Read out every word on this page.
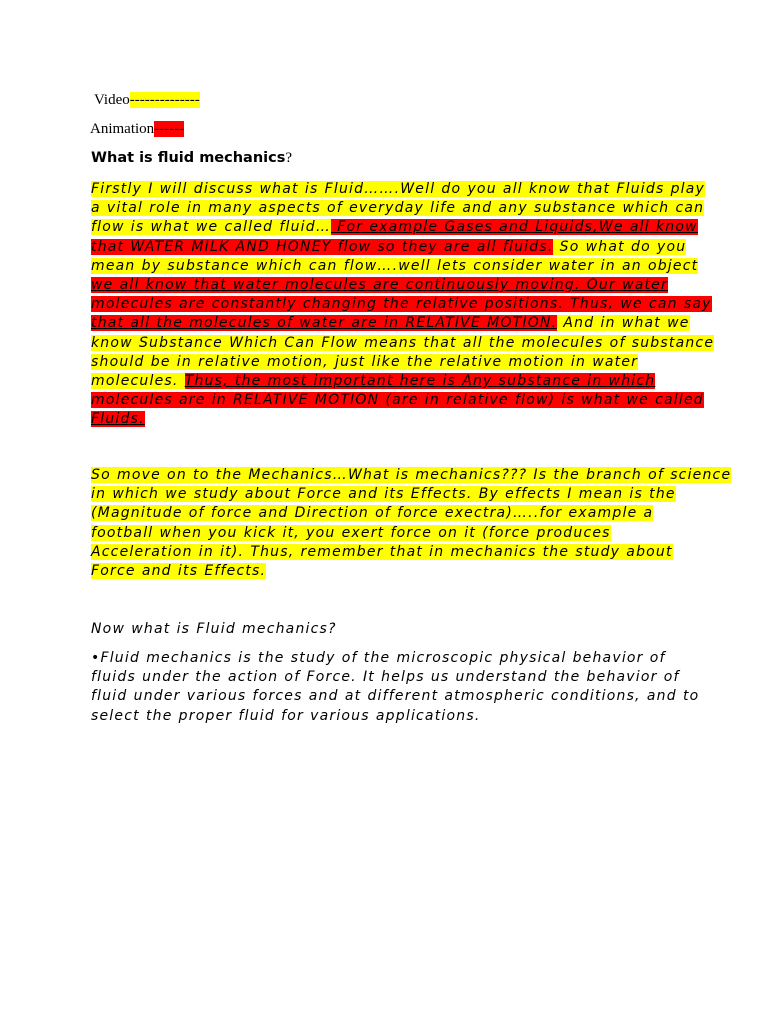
Video--------------
Animation------
What is fluid mechanics?
Firstly I will discuss what is Fluid…….Well do you all know that Fluids play
a vital role in many aspects of everyday life and any substance which can
flow is what we called fluid… For example Gases and Liquids,We all know
that WATER MILK AND HONEY flow so they are all fluids. So what do you
mean by substance which can flow….well lets consider water in an object
we all know that water molecules are continuously moving. Our water
molecules are constantly changing the relative positions. Thus, we can say
that all the molecules of water are in RELATIVE MOTION. And in what we
know Substance Which Can Flow means that all the molecules of substance
should be in relative motion, just like the relative motion in water
molecules. Thus, the most important here is Any substance in which
molecules are in RELATIVE MOTION (are in relative flow) is what we called
Fluids.
So move on to the Mechanics…What is mechanics??? Is the branch of science
in which we study about Force and its Effects. By effects I mean is the
(Magnitude of force and Direction of force exectra)…..for example a
football when you kick it, you exert force on it (force produces
Acceleration in it). Thus, remember that in mechanics the study about
Force and its Effects.
Now what is Fluid mechanics?
•Fluid mechanics is the study of the microscopic physical behavior of
fluids under the action of Force. It helps us understand the behavior of
fluid under various forces and at different atmospheric conditions, and to
select the proper fluid for various applications.
